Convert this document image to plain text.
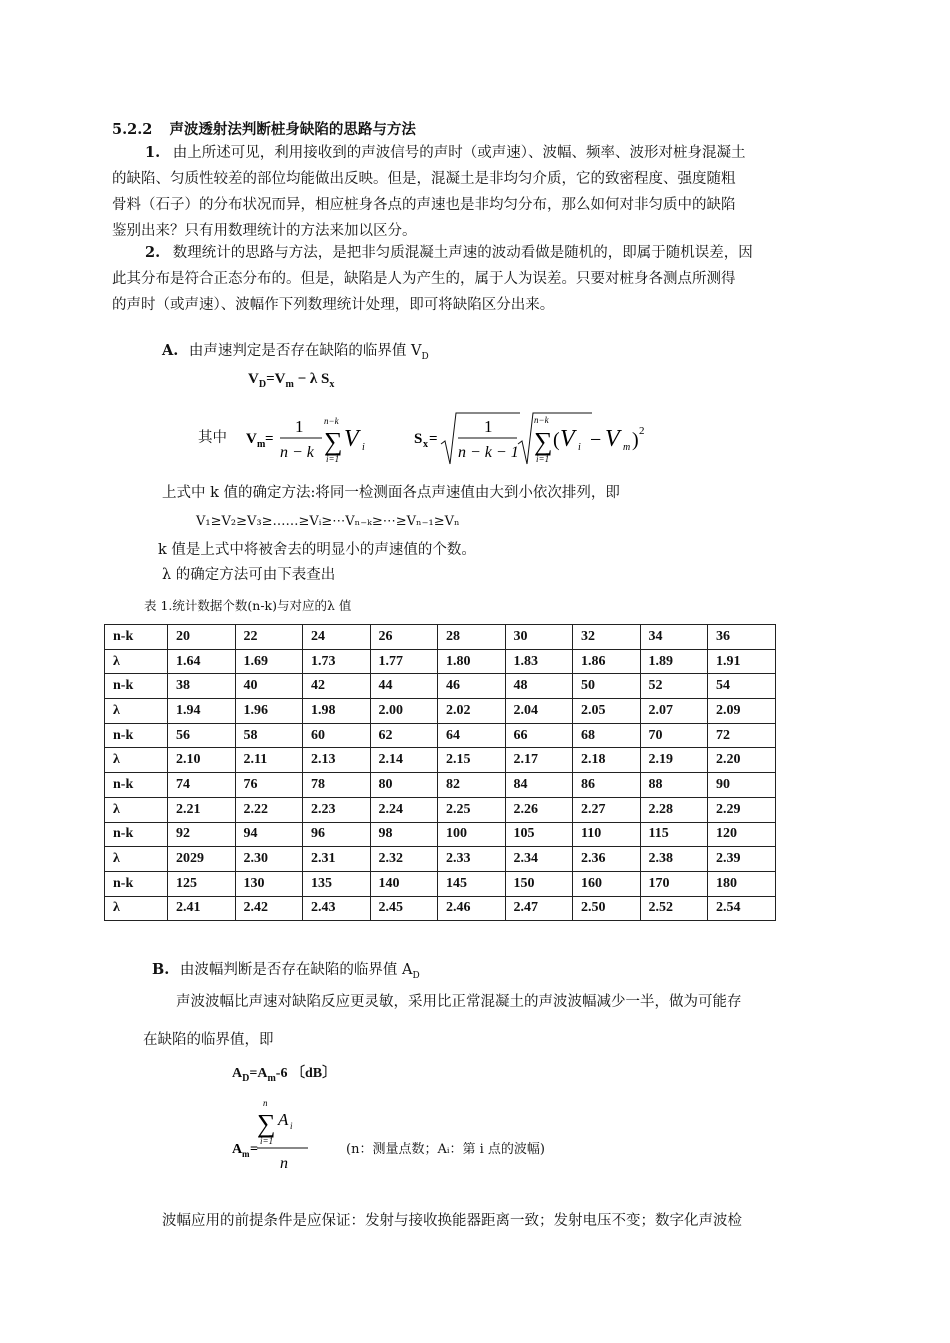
5.2.2 声波透射法判断桩身缺陷的思路与方法
1. 由上所述可见，利用接收到的声波信号的声时（或声速）、波幅、频率、波形对桩身混凝土
的缺陷、匀质性较差的部位均能做出反映。但是，混凝土是非均匀介质，它的致密程度、强度随粗
骨料（石子）的分布状况而异，相应桩身各点的声速也是非均匀分布，那么如何对非匀质中的缺陷
鉴别出来？只有用数理统计的方法来加以区分。
2. 数理统计的思路与方法，是把非匀质混凝土声速的波动看做是随机的，即属于随机误差，因
此其分布是符合正态分布的。但是，缺陷是人为产生的，属于人为误差。只要对桩身各测点所测得
的声时（或声速）、波幅作下列数理统计处理，即可将缺陷区分出来。
A. 由声速判定是否存在缺陷的临界值 $V_D$
$V_D=V_m - \lambda$ $S_x$
其中 V m =
1
n − k
n−k
∑
i=1
V i
S x =
1
n − k − 1
n−k
∑
i=1
( V i − V m ) 2
上式中 k 值的确定方法:将同一检测面各点声速值由大到小依次排列，即
V₁≥V₂≥V₃≥……≥Vᵢ≥⋯Vₙ₋ₖ≥⋯≥Vₙ₋₁≥Vₙ
k 值是上式中将被舍去的明显小的声速值的个数。
λ 的确定方法可由下表查出
表 1.统计数据个数(n-k)与对应的λ 值
n-k	20	22	24	26	28	30	32	34	36
λ	1.64	1.69	1.73	1.77	1.80	1.83	1.86	1.89	1.91
n-k	38	40	42	44	46	48	50	52	54
λ	1.94	1.96	1.98	2.00	2.02	2.04	2.05	2.07	2.09
n-k	56	58	60	62	64	66	68	70	72
λ	2.10	2.11	2.13	2.14	2.15	2.17	2.18	2.19	2.20
n-k	74	76	78	80	82	84	86	88	90
λ	2.21	2.22	2.23	2.24	2.25	2.26	2.27	2.28	2.29
n-k	92	94	96	98	100	105	110	115	120
λ	2029	2.30	2.31	2.32	2.33	2.34	2.36	2.38	2.39
n-k	125	130	135	140	145	150	160	170	180
λ	2.41	2.42	2.43	2.45	2.46	2.47	2.50	2.52	2.54
B. 由波幅判断是否存在缺陷的临界值 $A_D$
声波波幅比声速对缺陷反应更灵敏，采用比正常混凝土的声波波幅减少一半，做为可能存
在缺陷的临界值，即
$A_D=A_m-6$ 〔dB〕
n
∑
i=1
A i
A m =
n
(n：测量点数；Aᵢ：第 i 点的波幅)
波幅应用的前提条件是应保证：发射与接收换能器距离一致；发射电压不变；数字化声波检
